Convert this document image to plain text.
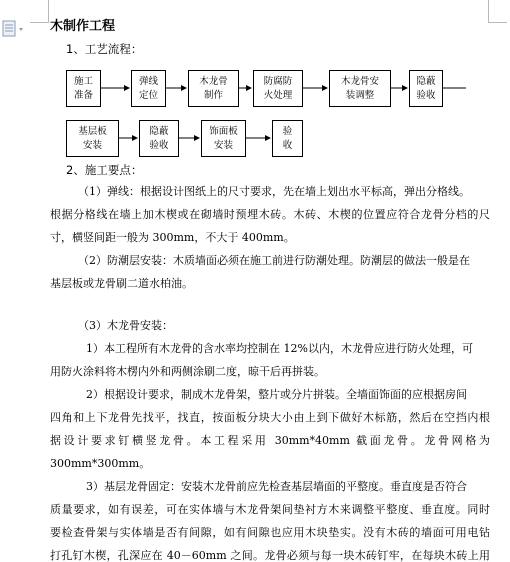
木制作工程
1、工艺流程：
施工
准备
弹线
定位
木龙骨
制作
防腐防
火处理
木龙骨安
装调整
隐蔽
验收
基层板
安装
隐蔽
验收
饰面板
安装
验
收
2、施工要点：
（1）弹线：根据设计图纸上的尺寸要求，先在墙上划出水平标高，弹出分格线。
根据分格线在墙上加木楔或在砌墙时预埋木砖。木砖、木楔的位置应符合龙骨分档的尺
寸，横竖间距一般为 300mm，不大于 400mm。
（2）防潮层安装：木质墙面必须在施工前进行防潮处理。防潮层的做法一般是在
基层板或龙骨刷二道水柏油。
（3）木龙骨安装：
1）本工程所有木龙骨的含水率均控制在 12%以内，木龙骨应进行防火处理，可
用防火涂料将木楞内外和两侧涂刷二度，晾干后再拼装。
2）根据设计要求，制成木龙骨架，整片或分片拼装。全墙面饰面的应根据房间
四角和上下龙骨先找平，找直，按面板分块大小由上到下做好木标筋，然后在空挡内根
据设计要求钉横竖龙骨。本工程采用 30mm*40mm 截面龙骨。龙骨网格为
300mm*300mm。
3）基层龙骨固定：安装木龙骨前应先检查基层墙面的平整度。垂直度是否符合
质量要求，如有误差，可在实体墙与木龙骨架间垫衬方木来调整平整度、垂直度。同时
要检查骨架与实体墙是否有间隙，如有间隙也应用木块垫实。没有木砖的墙面可用电钻
打孔钉木楔，孔深应在 40－60mm 之间。龙骨必须与每一块木砖钉牢，在每块木砖上用
